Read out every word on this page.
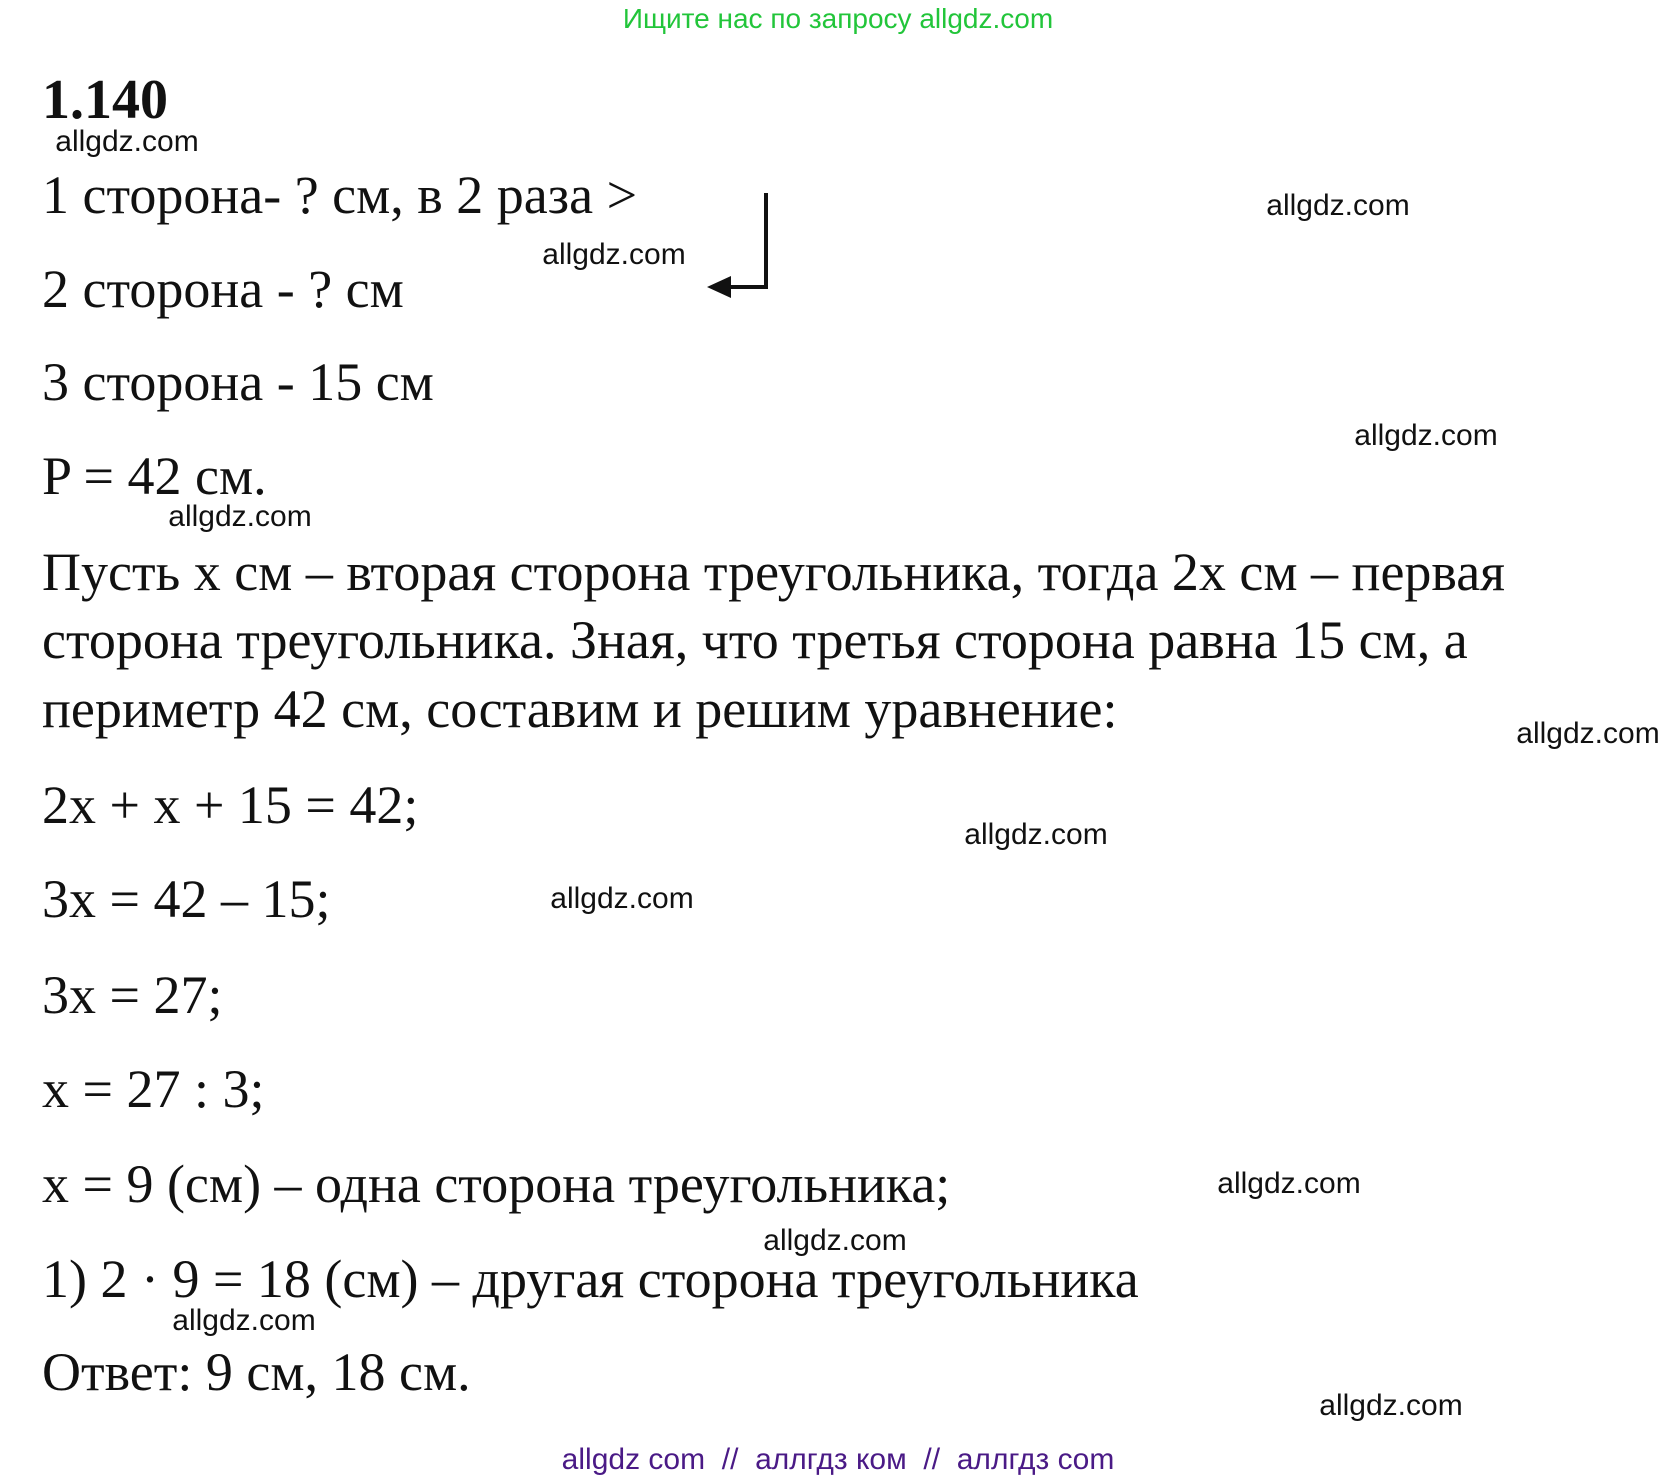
Ищите нас по запросу allgdz.com
1.140
1 сторона- ? см, в 2 раза >
2 сторона - ? см
3 сторона - 15 см
P = 42 см.
Пусть x см – вторая сторона треугольника, тогда 2x см – первая
сторона треугольника. Зная, что третья сторона равна 15 см, а
периметр 42 см, составим и решим уравнение:
2x + x + 15 = 42;
3x = 42 – 15;
3x = 27;
x = 27 : 3;
x = 9 (см) – одна сторона треугольника;
1) 2 · 9 = 18 (см) – другая сторона треугольника
Ответ: 9 см, 18 см.
allgdz.com
allgdz.com
allgdz.com
allgdz.com
allgdz.com
allgdz.com
allgdz.com
allgdz.com
allgdz.com
allgdz.com
allgdz.com
allgdz.com
allgdz com  //  аллгдз ком  //  аллгдз com
